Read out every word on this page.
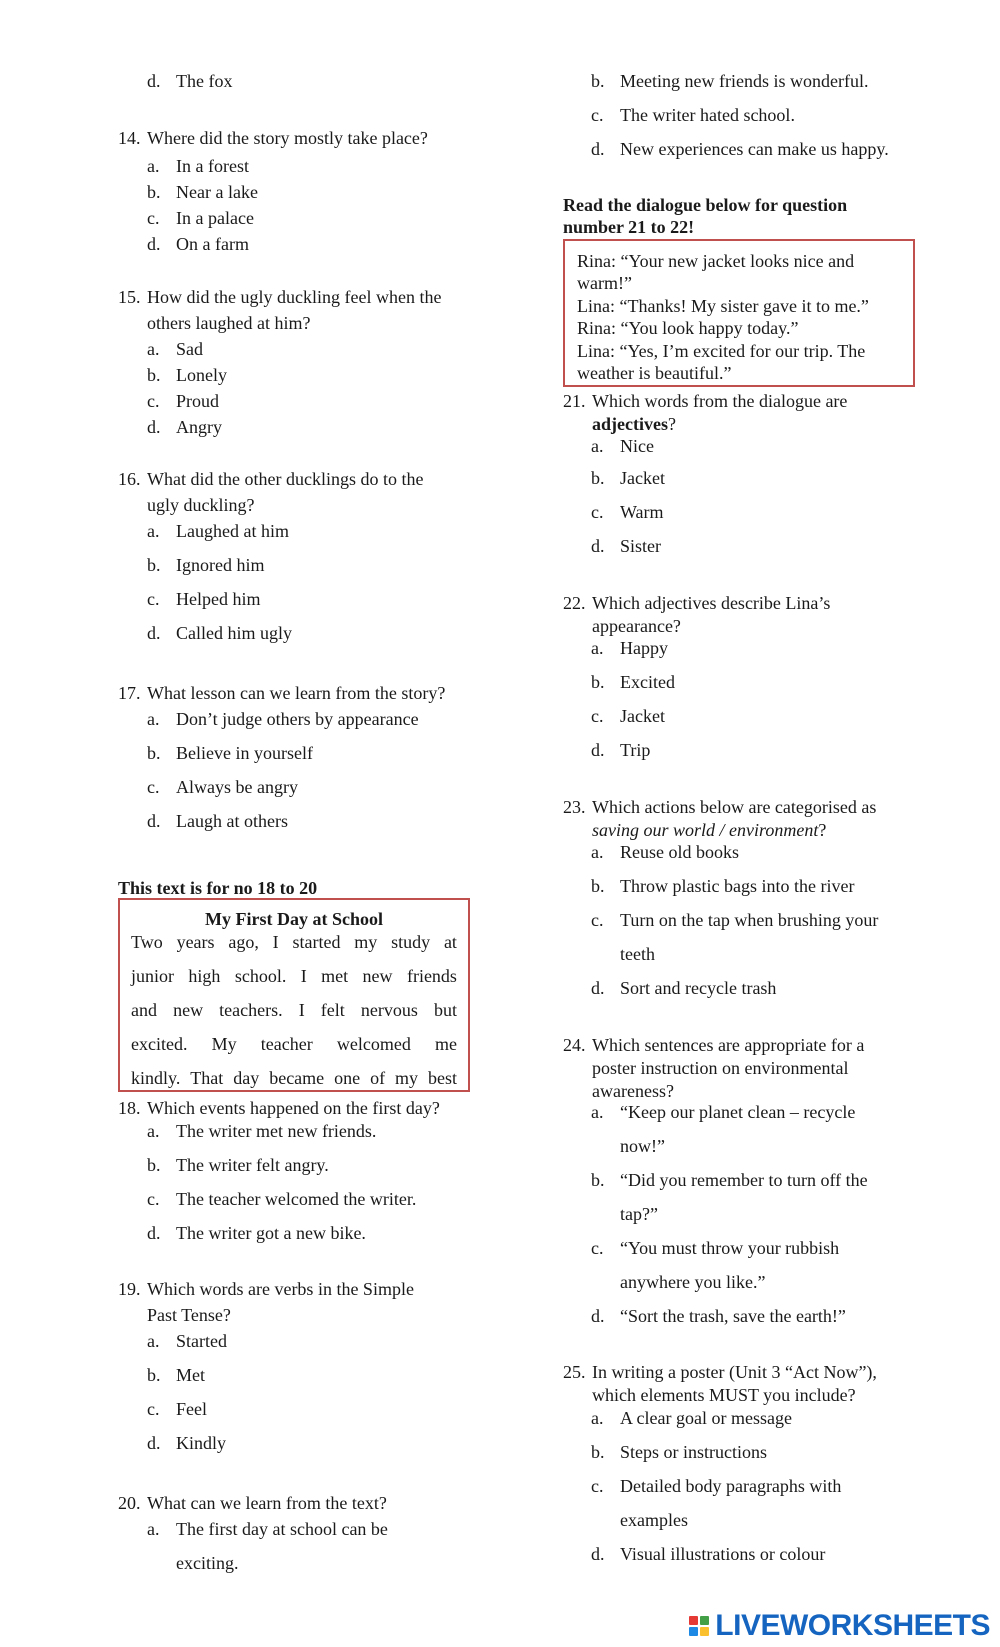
d. The fox
14. Where did the story mostly take place?
a. In a forest
b. Near a lake
c. In a palace
d. On a farm
15. How did the ugly duckling feel when the
others laughed at him?
a. Sad
b. Lonely
c. Proud
d. Angry
16. What did the other ducklings do to the
ugly duckling?
a. Laughed at him
b. Ignored him
c. Helped him
d. Called him ugly
17. What lesson can we learn from the story?
a. Don’t judge others by appearance
b. Believe in yourself
c. Always be angry
d. Laugh at others
This text is for no 18 to 20
My First Day at School
Two years ago, I started my study at
junior high school. I met new friends
and new teachers. I felt nervous but
excited. My teacher welcomed me
kindly. That day became one of my best
18. Which events happened on the first day?
a. The writer met new friends.
b. The writer felt angry.
c. The teacher welcomed the writer.
d. The writer got a new bike.
19. Which words are verbs in the Simple
Past Tense?
a. Started
b. Met
c. Feel
d. Kindly
20. What can we learn from the text?
a. The first day at school can be
exciting.
b. Meeting new friends is wonderful.
c. The writer hated school.
d. New experiences can make us happy.
Read the dialogue below for question
number 21 to 22!
Rina: “Your new jacket looks nice and
warm!”
Lina: “Thanks! My sister gave it to me.”
Rina: “You look happy today.”
Lina: “Yes, I’m excited for our trip. The
weather is beautiful.”
21. Which words from the dialogue are
adjectives?
a. Nice
b. Jacket
c. Warm
d. Sister
22. Which adjectives describe Lina’s
appearance?
a. Happy
b. Excited
c. Jacket
d. Trip
23. Which actions below are categorised as
saving our world / environment?
a. Reuse old books
b. Throw plastic bags into the river
c. Turn on the tap when brushing your
teeth
d. Sort and recycle trash
24. Which sentences are appropriate for a
poster instruction on environmental
awareness?
a. “Keep our planet clean – recycle
now!”
b. “Did you remember to turn off the
tap?”
c. “You must throw your rubbish
anywhere you like.”
d. “Sort the trash, save the earth!”
25. In writing a poster (Unit 3 “Act Now”),
which elements MUST you include?
a. A clear goal or message
b. Steps or instructions
c. Detailed body paragraphs with
examples
d. Visual illustrations or colour
LIVEWORKSHEETS
